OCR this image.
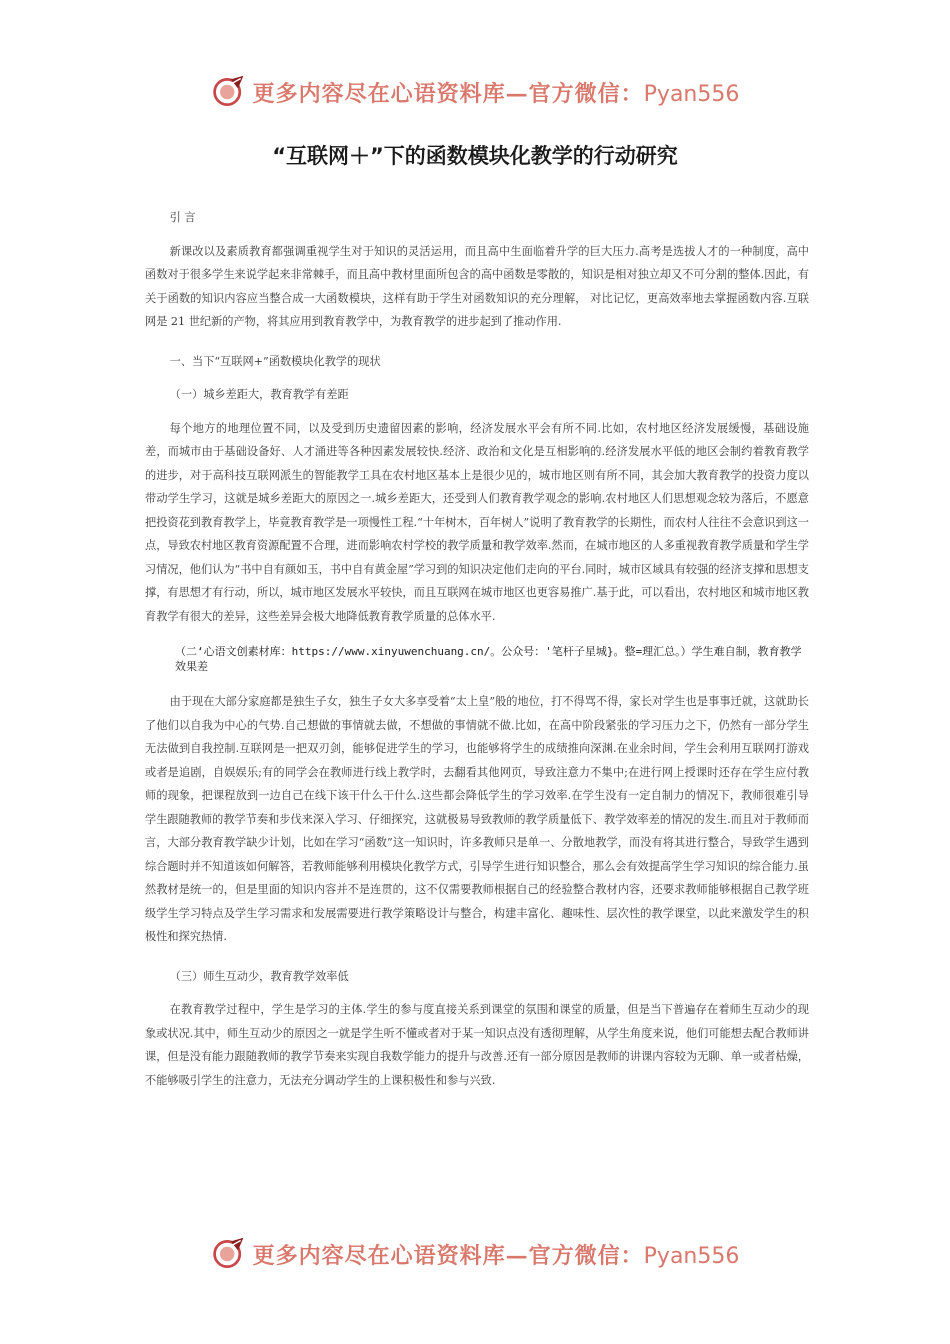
更多内容尽在心语资料库—官方微信：Pyan556
“互联网＋”下的函数模块化教学的行动研究

引 言

新课改以及素质教育都强调重视学生对于知识的灵活运用，而且高中生面临着升学的巨大压力.高考是选拔人才的一种制度，高中函数对于很多学生来说学起来非常棘手，而且高中教材里面所包含的高中函数是零散的，知识是相对独立却又不可分割的整体.因此，有关于函数的知识内容应当整合成一大函数模块，这样有助于学生对函数知识的充分理解， 对比记忆，更高效率地去掌握函数内容.互联网是 21 世纪新的产物，将其应用到教育教学中，为教育教学的进步起到了推动作用.

一、当下“互联网+”函数模块化教学的现状

（一）城乡差距大，教育教学有差距

每个地方的地理位置不同，以及受到历史遗留因素的影响，经济发展水平会有所不同.比如，农村地区经济发展缓慢，基础设施差，而城市由于基础设备好、人才涌进等各种因素发展较快.经济、政治和文化是互相影响的.经济发展水平低的地区会制约着教育教学的进步，对于高科技互联网派生的智能教学工具在农村地区基本上是很少见的，城市地区则有所不同，其会加大教育教学的投资力度以带动学生学习，这就是城乡差距大的原因之一.城乡差距大，还受到人们教育教学观念的影响.农村地区人们思想观念较为落后，不愿意把投资花到教育教学上，毕竟教育教学是一项慢性工程.“十年树木，百年树人”说明了教育教学的长期性，而农村人往往不会意识到这一点，导致农村地区教育资源配置不合理，进而影响农村学校的教学质量和教学效率.然而，在城市地区的人多重视教育教学质量和学生学习情况，他们认为“书中自有颜如玉，书中自有黄金屋”学习到的知识决定他们走向的平台.同时，城市区域具有较强的经济支撑和思想支撑，有思想才有行动，所以，城市地区发展水平较快，而且互联网在城市地区也更容易推广.基于此，可以看出，农村地区和城市地区教育教学有很大的差异，这些差异会极大地降低教育教学质量的总体水平.

（二‘心语文创素材库：https://www.xinyuwenchuang.cn/。公众号：'笔杆子星城}。整=理汇总。）学生难自制，教育教学效果差

由于现在大部分家庭都是独生子女，独生子女大多享受着“太上皇”般的地位，打不得骂不得，家长对学生也是事事迁就，这就助长了他们以自我为中心的气势.自己想做的事情就去做，不想做的事情就不做.比如，在高中阶段紧张的学习压力之下，仍然有一部分学生无法做到自我控制.互联网是一把双刃剑，能够促进学生的学习，也能够将学生的成绩推向深渊.在业余时间，学生会利用互联网打游戏或者是追剧，自娱娱乐;有的同学会在教师进行线上教学时，去翻看其他网页，导致注意力不集中;在进行网上授课时还存在学生应付教师的现象，把课程放到一边自己在线下该干什么干什么.这些都会降低学生的学习效率.在学生没有一定自制力的情况下，教师很难引导学生跟随教师的教学节奏和步伐来深入学习、仔细探究，这就极易导致教师的教学质量低下、教学效率差的情况的发生.而且对于教师而言，大部分教育教学缺少计划，比如在学习“函数”这一知识时，许多教师只是单一、分散地教学，而没有将其进行整合，导致学生遇到综合题时并不知道该如何解答，若教师能够利用模块化教学方式，引导学生进行知识整合，那么会有效提高学生学习知识的综合能力.虽然教材是统一的，但是里面的知识内容并不是连贯的，这不仅需要教师根据自己的经验整合教材内容，还要求教师能够根据自己教学班级学生学习特点及学生学习需求和发展需要进行教学策略设计与整合，构建丰富化、趣味性、层次性的教学课堂，以此来激发学生的积极性和探究热情.

（三）师生互动少，教育教学效率低

在教育教学过程中，学生是学习的主体.学生的参与度直接关系到课堂的氛围和课堂的质量，但是当下普遍存在着师生互动少的现象或状况.其中，师生互动少的原因之一就是学生听不懂或者对于某一知识点没有透彻理解，从学生角度来说，他们可能想去配合教师讲课，但是没有能力跟随教师的教学节奏来实现自我数学能力的提升与改善.还有一部分原因是教师的讲课内容较为无聊、单一或者枯燥，不能够吸引学生的注意力，无法充分调动学生的上课积极性和参与兴致.

更多内容尽在心语资料库—官方微信：Pyan556
